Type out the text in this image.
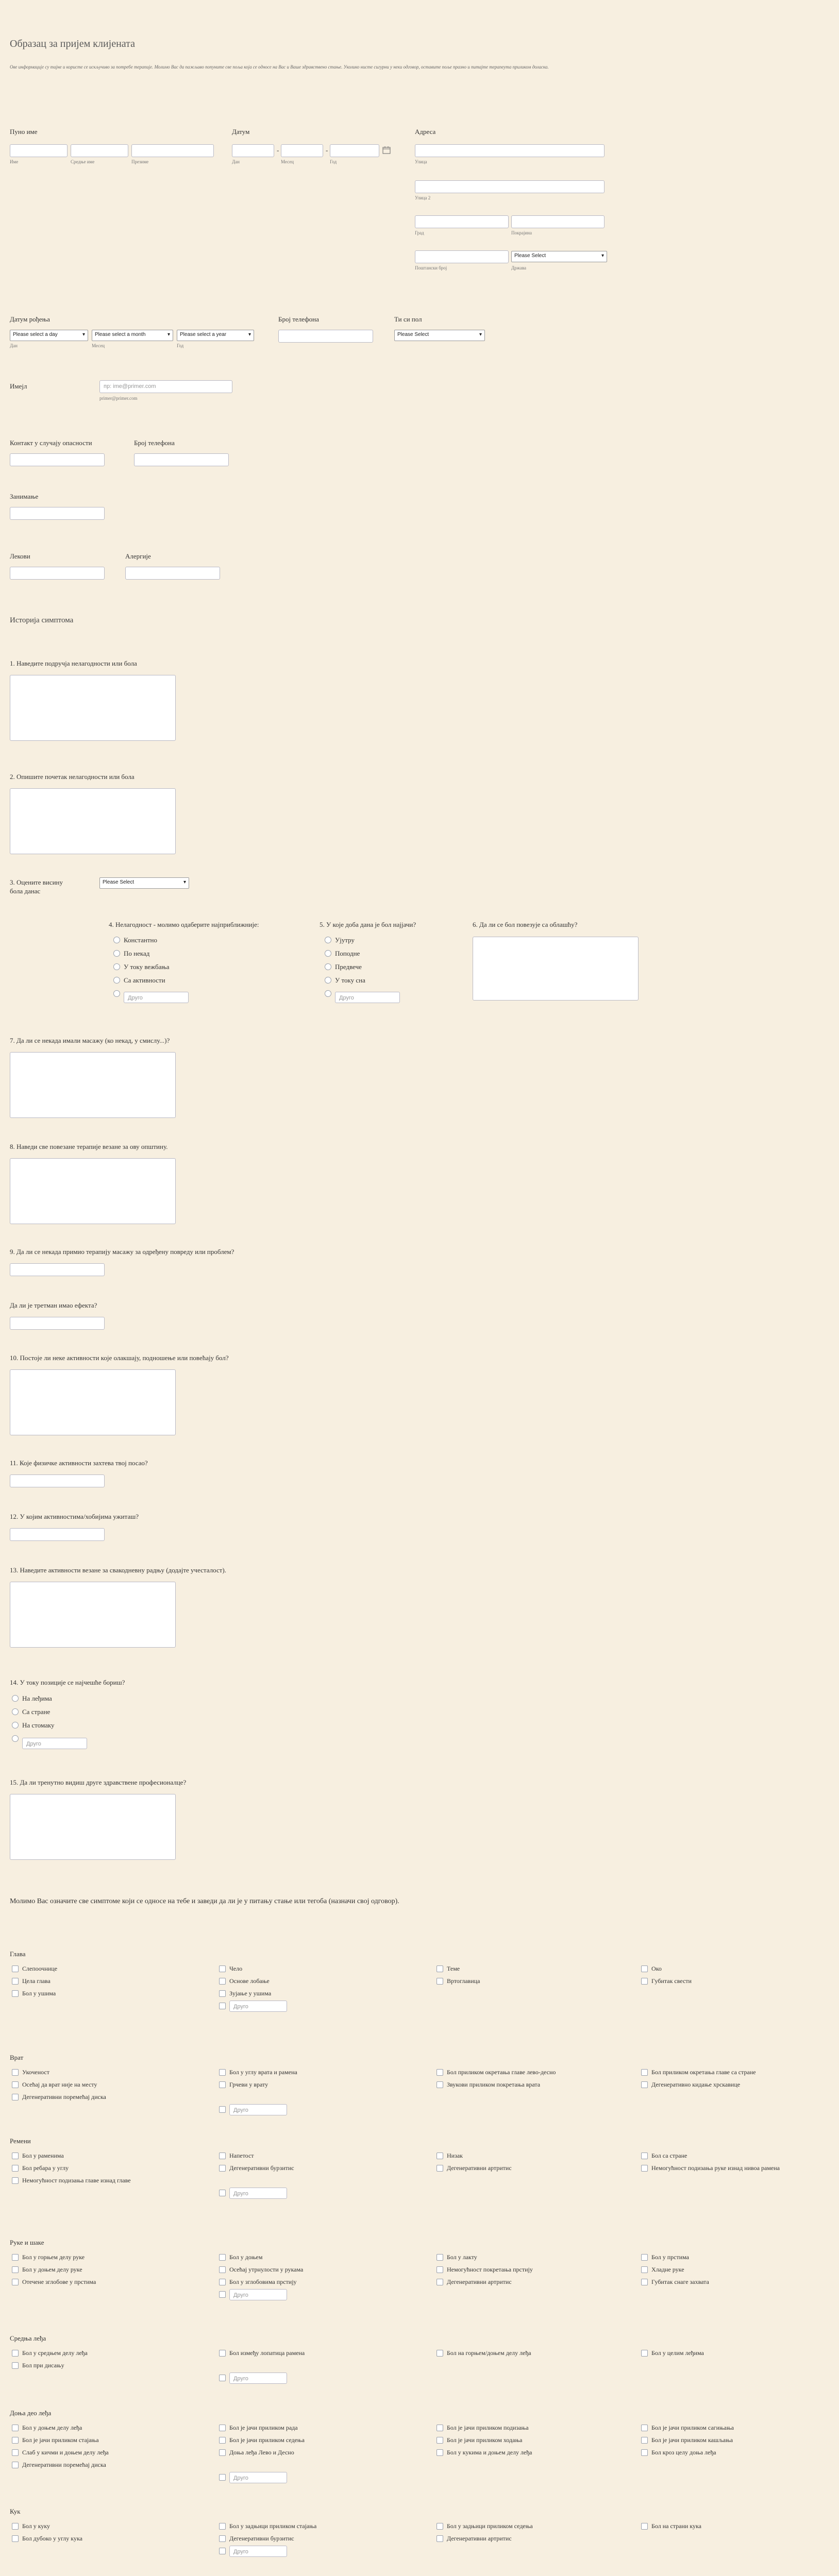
Образац за пријем клијената
Ове информације су тајне и користе се искључиво за потребе терапије. Молимо Вас да пажљиво попуните све поља која се односе на Вас и Ваше здравствено стање. Уколико нисте сигурни у неки одговор, оставите поље празно и питајте терапеута приликом доласка.
Пуно име
Име	Средње име	Презиме
Датум
-	-
Дан	Месец	Год
Адреса
Улица
Улица 2
Град	Покрајина
Please Select ▾
Поштански број	Држава
Датум рођења
Please select a day ▾	Please select a month ▾	Please select a year ▾
Дан	Месец	Год
Број телефона	Ти си пол
Please Select ▾
Имејл	пр: ime@primer.com
primer@primer.com
Контакт у случају опасности	Број телефона
Занимање
Лекови	Алергије
Историја симптома
1. Наведите подручја нелагодности или бола
2. Опишите почетак нелагодности или бола
3. Оцените висину
бола данас
Please Select ▾
4. Нелагодност - молимо одаберите најприближније:
Константно
По некад
У току вежбања
Са активности
Друго
5. У које доба дана је бол најјачи?
Ујутру
Поподне
Предвече
У току сна
Друго
6. Да ли се бол повезује са облашћу?
7. Да ли се некада имали масажу (ко некад, у смислу...)?
8. Наведи све повезане терапије везане за ову општину.
9. Да ли се некада примио терапију масажу за одређену повреду или проблем?
Да ли је третман имао ефекта?
10. Постоје ли неке активности које олакшају, подношење или повећају бол?
11. Које физичке активности захтева твој посао?
12. У којим активностима/хобијима ужиташ?
13. Наведите активности везане за свакодневну радњу (додајте учесталост).
14. У току позиције се најчешће бориш?
На леђима
Са стране
На стомаку
Друго
15. Да ли тренутно видиш друге здравствене професионалце?
Молимо Вас означите све симптоме који се односе на тебе и заведи да ли је у питању стање или тегоба (назначи свој одговор).
Глава
Слепоочнице	Чело	Темe	Око
Цела глава	Основе лобање	Вртоглавица	Губитак свести
Бол у ушима	Зујање у ушима
Друго
Врат
Укоченост	Бол у углу врата и рамена	Бол приликом окретања главе лево-десно	Бол приликом окретања главе са стране
Осећај да врат није на месту	Грчеви у врату	Звукови приликом покретања врата	Дегенеративно кидање хрскавице
Дегенеративни поремећај диска
Друго
Ремени
Бол у раменима	Напетост	Низак	Бол са стране
Бол ребара у углу	Дегенеративни бурзитис	Дегенеративни артритис	Немогућност подизања руке изнад нивоа рамена
Немогућност подизања главе изнад главе
Друго
Руке и шаке
Бол у горњем делу руке	Бол у доњем	Бол у лакту	Бол у прстима
Бол у доњем делу руке	Осећај утрнулости у рукама	Немогућност покретања прстију	Хладне руке
Отечене зглобове у прстима	Бол у зглобовима прстију	Дегенеративни артритис	Губитак снаге захвата
Друго
Средња леђа
Бол у средњем делу леђа	Бол између лопатица рамена	Бол на горњем/доњем делу леђа	Бол у целим леђима
Бол при дисању
Друго
Доња део леђа
Бол у доњем делу леђа	Бол је јачи приликом рада	Бол је јачи приликом подизања	Бол је јачи приликом сагињања
Бол је јачи приликом стајања	Бол је јачи приликом седења	Бол је јачи приликом ходања	Бол је јачи приликом кашљања
Слаб у кичми и доњем делу леђа	Доња леђа Лево и Десно	Бол у кукима и доњем делу леђа	Бол кроз целу доња леђа
Дегенеративни поремећај диска
Друго
Кук
Бол у куку	Бол у задњици приликом стајања	Бол у задњици приликом седења	Бол на страни кука
Бол дубоко у углу кука	Дегенеративни бурзитис	Дегенеративни артритис
Друго
